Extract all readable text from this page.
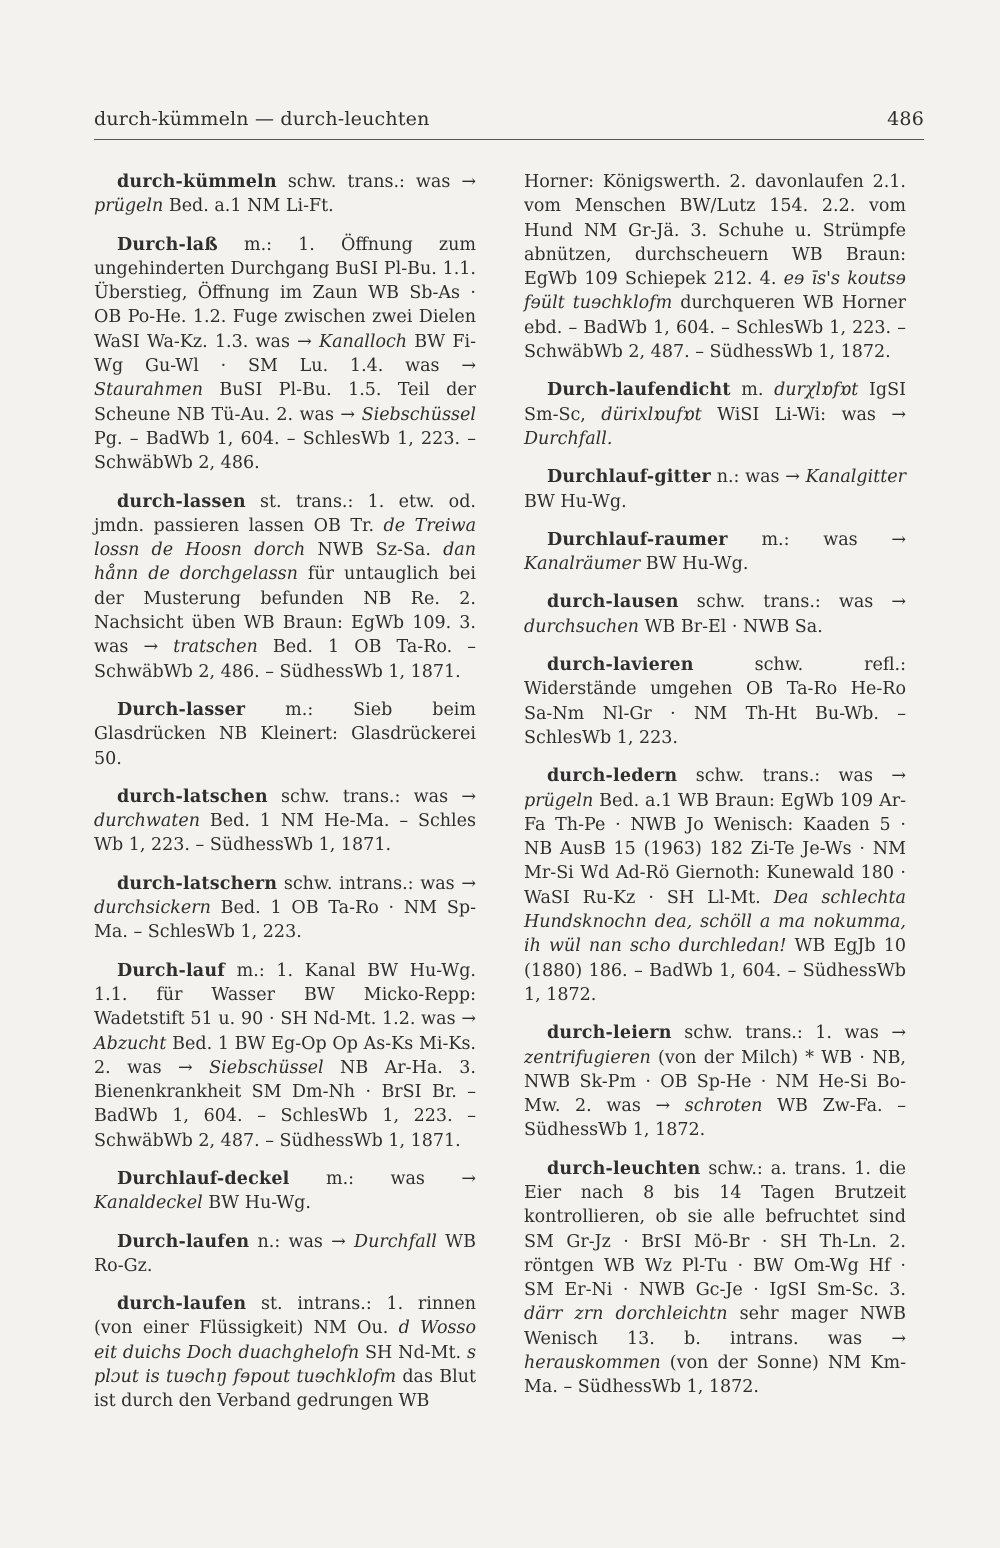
durch-kümmeln — durch-leuchten	486

durch-kümmeln schw. trans.: was → prügeln Bed. a.1 NM Li-Ft.

Durch-laß m.: 1. Öffnung zum ungehinderten Durchgang BuSI Pl-Bu. 1.1. Überstieg, Öffnung im Zaun WB Sb-As · OB Po-He. 1.2. Fuge zwischen zwei Dielen WaSI Wa-Kz. 1.3. was → Kanalloch BW Fi-Wg Gu-Wl · SM Lu. 1.4. was → Staurahmen BuSI Pl-Bu. 1.5. Teil der Scheune NB Tü-Au. 2. was → Siebschüssel Pg. – BadWb 1, 604. – SchlesWb 1, 223. – SchwäbWb 2, 486.

durch-lassen st. trans.: 1. etw. od. jmdn. passieren lassen OB Tr. de Treiwa lossn de Hoosn dorch NWB Sz-Sa. dan hånn de dorchgelassn für untauglich bei der Musterung befunden NB Re. 2. Nachsicht üben WB Braun: EgWb 109. 3. was → tratschen Bed. 1 OB Ta-Ro. – SchwäbWb 2, 486. – SüdhessWb 1, 1871.

Durch-lasser m.: Sieb beim Glasdrücken NB Kleinert: Glasdrückerei 50.

durch-latschen schw. trans.: was → durchwaten Bed. 1 NM He-Ma. – Schles Wb 1, 223. – SüdhessWb 1, 1871.

durch-latschern schw. intrans.: was → durchsickern Bed. 1 OB Ta-Ro · NM Sp-Ma. – SchlesWb 1, 223.

Durch-lauf m.: 1. Kanal BW Hu-Wg. 1.1. für Wasser BW Micko-Repp: Wadetstift 51 u. 90 · SH Nd-Mt. 1.2. was → Abzucht Bed. 1 BW Eg-Op Op As-Ks Mi-Ks. 2. was → Siebschüssel NB Ar-Ha. 3. Bienenkrankheit SM Dm-Nh · BrSI Br. – BadWb 1, 604. – SchlesWb 1, 223. – SchwäbWb 2, 487. – SüdhessWb 1, 1871.

Durchlauf-deckel m.: was → Kanaldeckel BW Hu-Wg.

Durch-laufen n.: was → Durchfall WB Ro-Gz.

durch-laufen st. intrans.: 1. rinnen (von einer Flüssigkeit) NM Ou. d Wosso eit duichs Doch duachghelofn SH Nd-Mt. s plɔut is tuɘchŋ fɘpout tuɘchklofm das Blut ist durch den Verband gedrungen WB

Horner: Königswerth. 2. davonlaufen 2.1. vom Menschen BW/Lutz 154. 2.2. vom Hund NM Gr-Jä. 3. Schuhe u. Strümpfe abnützen, durchscheuern WB Braun: EgWb 109 Schiepek 212. 4. eɘ īs's koutsɘ fɘült tuɘchklofm durchqueren WB Horner ebd. – BadWb 1, 604. – SchlesWb 1, 223. – SchwäbWb 2, 487. – SüdhessWb 1, 1872.

Durch-laufendicht m. durχlɒfɒt IgSI Sm-Sc, dürixlɒufɒt WiSI Li-Wi: was → Durchfall.

Durchlauf-gitter n.: was → Kanalgitter BW Hu-Wg.

Durchlauf-raumer m.: was → Kanalräumer BW Hu-Wg.

durch-lausen schw. trans.: was → durchsuchen WB Br-El · NWB Sa.

durch-lavieren schw. refl.: Widerstände umgehen OB Ta-Ro He-Ro Sa-Nm Nl-Gr · NM Th-Ht Bu-Wb. – SchlesWb 1, 223.

durch-ledern schw. trans.: was → prügeln Bed. a.1 WB Braun: EgWb 109 Ar-Fa Th-Pe · NWB Jo Wenisch: Kaaden 5 · NB AusB 15 (1963) 182 Zi-Te Je-Ws · NM Mr-Si Wd Ad-Rö Giernoth: Kunewald 180 · WaSI Ru-Kz · SH Ll-Mt. Dea schlechta Hundsknochn dea, schöll a ma nokumma, ih wül nan scho durchledan! WB EgJb 10 (1880) 186. – BadWb 1, 604. – SüdhessWb 1, 1872.

durch-leiern schw. trans.: 1. was → zentrifugieren (von der Milch) * WB · NB, NWB Sk-Pm · OB Sp-He · NM He-Si Bo-Mw. 2. was → schroten WB Zw-Fa. – SüdhessWb 1, 1872.

durch-leuchten schw.: a. trans. 1. die Eier nach 8 bis 14 Tagen Brutzeit kontrollieren, ob sie alle befruchtet sind SM Gr-Jz · BrSI Mö-Br · SH Th-Ln. 2. röntgen WB Wz Pl-Tu · BW Om-Wg Hf · SM Er-Ni · NWB Gc-Je · IgSI Sm-Sc. 3. därr zrn dorchleichtn sehr mager NWB Wenisch 13. b. intrans. was → herauskommen (von der Sonne) NM Km-Ma. – SüdhessWb 1, 1872.
